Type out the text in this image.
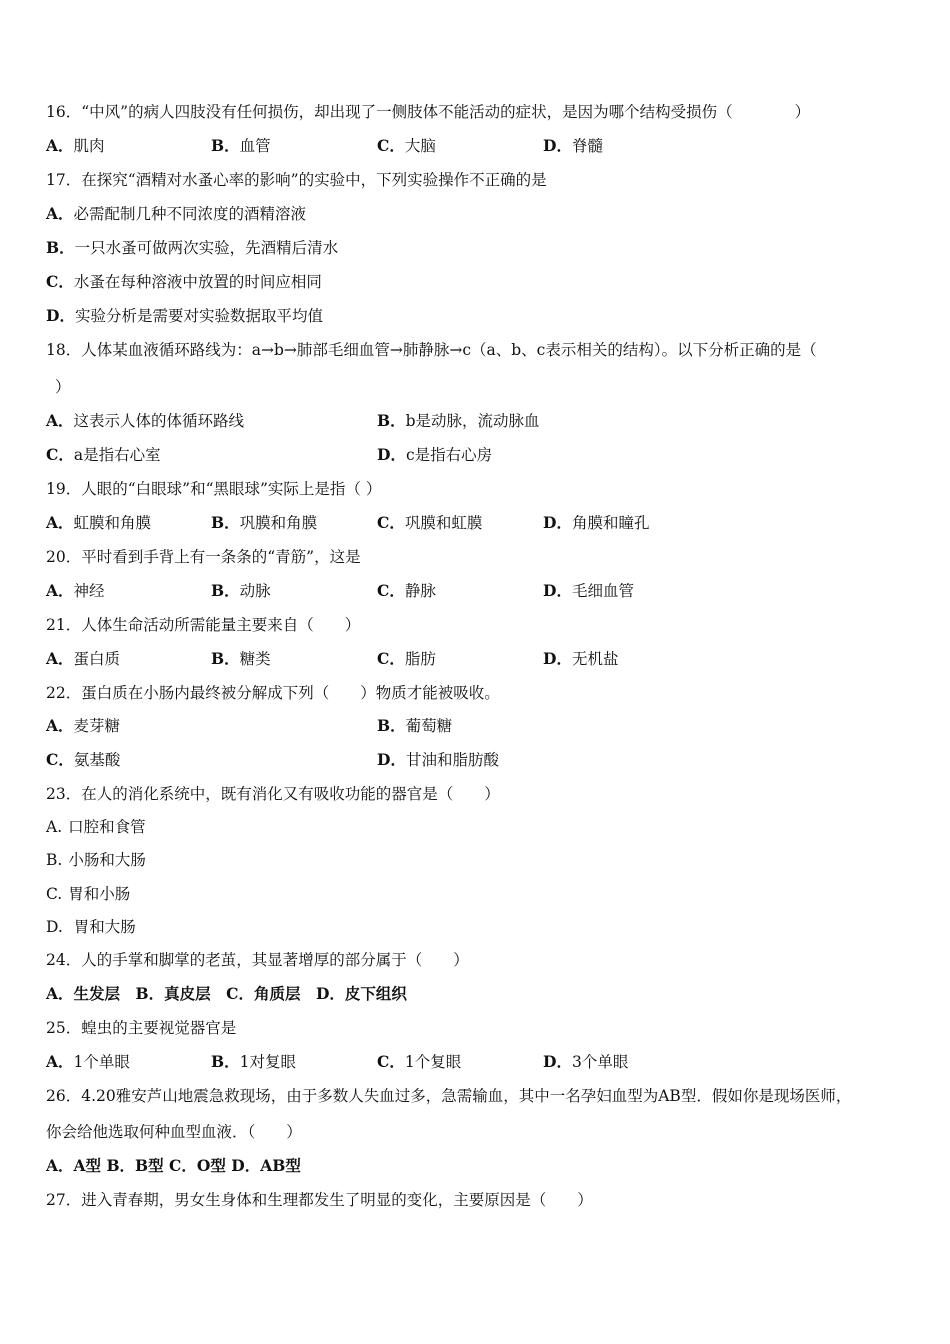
16．“中风”的病人四肢没有任何损伤，却出现了一侧肢体不能活动的症状，是因为哪个结构受损伤（　　　　）
A．肌肉	B．血管	C．大脑	D．脊髓
17．在探究“酒精对水蚤心率的影响”的实验中，下列实验操作不正确的是
A．必需配制几种不同浓度的酒精溶液
B．一只水蚤可做两次实验，先酒精后清水
C．水蚤在每种溶液中放置的时间应相同
D．实验分析是需要对实验数据取平均值
18．人体某血液循环路线为：a→b→肺部毛细血管→肺静脉→c（a、b、c表示相关的结构）。以下分析正确的是（
）
A．这表示人体的体循环路线	B．b是动脉，流动脉血
C．a是指右心室	D．c是指右心房
19．人眼的“白眼球”和“黑眼球”实际上是指（ ）
A．虹膜和角膜	B．巩膜和角膜	C．巩膜和虹膜	D．角膜和瞳孔
20．平时看到手背上有一条条的“青筋”，这是
A．神经	B．动脉	C．静脉	D．毛细血管
21．人体生命活动所需能量主要来自（　　）
A．蛋白质	B．糖类	C．脂肪	D．无机盐
22．蛋白质在小肠内最终被分解成下列（　　）物质才能被吸收。
A．麦芽糖	B．葡萄糖
C．氨基酸	D．甘油和脂肪酸
23．在人的消化系统中，既有消化又有吸收功能的器官是（　　）
A. 口腔和食管
B. 小肠和大肠
C. 胃和小肠
D. 胃和大肠
24．人的手掌和脚掌的老茧，其显著增厚的部分属于（　　）
A．生发层　B．真皮层　C．角质层　D．皮下组织
25．蝗虫的主要视觉器官是
A．1个单眼	B．1对复眼	C．1个复眼	D．3个单眼
26．4.20雅安芦山地震急救现场，由于多数人失血过多，急需输血，其中一名孕妇血型为AB型．假如你是现场医师，
你会给他选取何种血型血液．（　　）
A．A型 B．B型 C．O型 D．AB型
27．进入青春期，男女生身体和生理都发生了明显的变化，主要原因是（　　）
